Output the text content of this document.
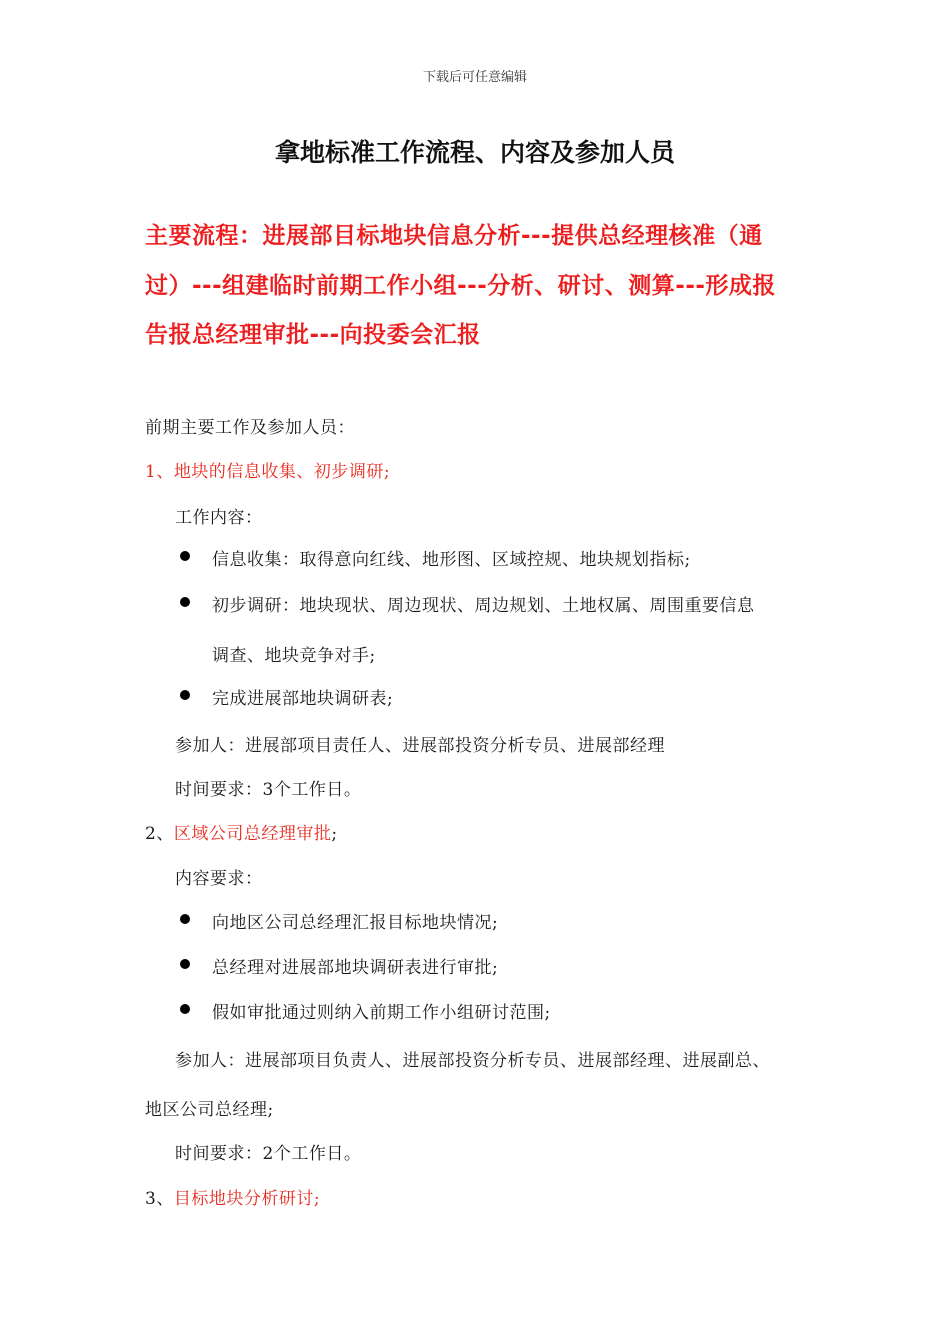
下载后可任意编辑
拿地标准工作流程、内容及参加人员
主要流程：进展部目标地块信息分析---提供总经理核准（通
过）---组建临时前期工作小组---分析、研讨、测算---形成报
告报总经理审批---向投委会汇报
前期主要工作及参加人员：
1、地块的信息收集、初步调研;
工作内容：
信息收集：取得意向红线、地形图、区域控规、地块规划指标;
初步调研：地块现状、周边现状、周边规划、土地权属、周围重要信息
调查、地块竞争对手;
完成进展部地块调研表;
参加人：进展部项目责任人、进展部投资分析专员、进展部经理
时间要求：3个工作日。
2、区域公司总经理审批;
内容要求：
向地区公司总经理汇报目标地块情况;
总经理对进展部地块调研表进行审批;
假如审批通过则纳入前期工作小组研讨范围;
参加人：进展部项目负责人、进展部投资分析专员、进展部经理、进展副总、
地区公司总经理;
时间要求：2个工作日。
3、目标地块分析研讨;
